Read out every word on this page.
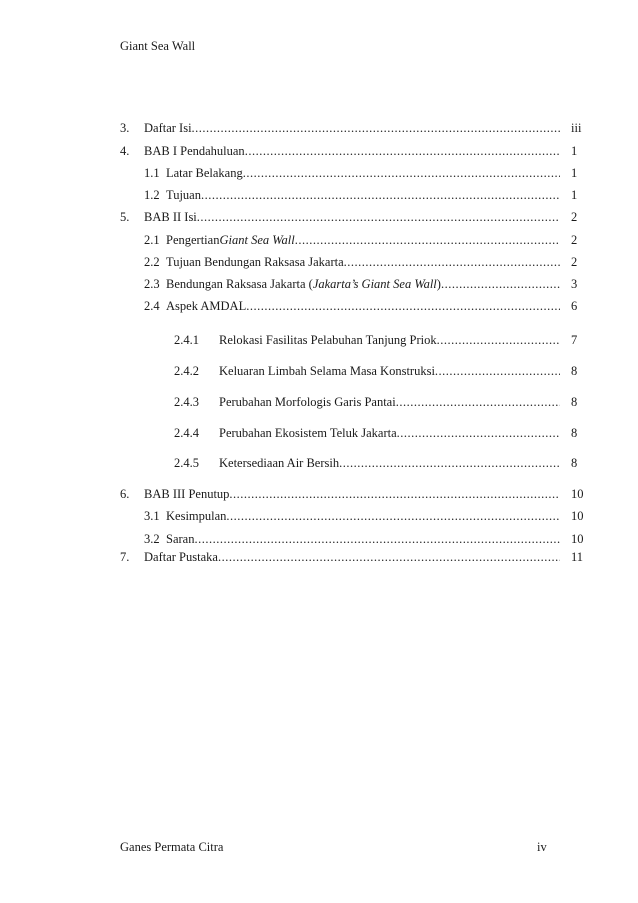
Giant Sea Wall
3. Daftar Isi .....	iii
4. BAB I Pendahuluan .....	1
1.1 Latar Belakang .....	1
1.2 Tujuan .....	1
5. BAB II Isi .....	2
2.1 Pengertian Giant Sea Wall .....	2
2.2 Tujuan Bendungan Raksasa Jakarta .....	2
2.3 Bendungan Raksasa Jakarta ( Jakarta’s Giant Sea Wall ) .....	3
2.4 Aspek AMDAL .....	6
2.4.1 Relokasi Fasilitas Pelabuhan Tanjung Priok .....	7
2.4.2 Keluaran Limbah Selama Masa Konstruksi .....	8
2.4.3 Perubahan Morfologis Garis Pantai .....	8
2.4.4 Perubahan Ekosistem Teluk Jakarta .....	8
2.4.5 Ketersediaan Air Bersih .....	8
6. BAB III Penutup .....	10
3.1 Kesimpulan .....	10
3.2 Saran .....	10
7. Daftar Pustaka .....	11
Ganes Permata Citra	iv
